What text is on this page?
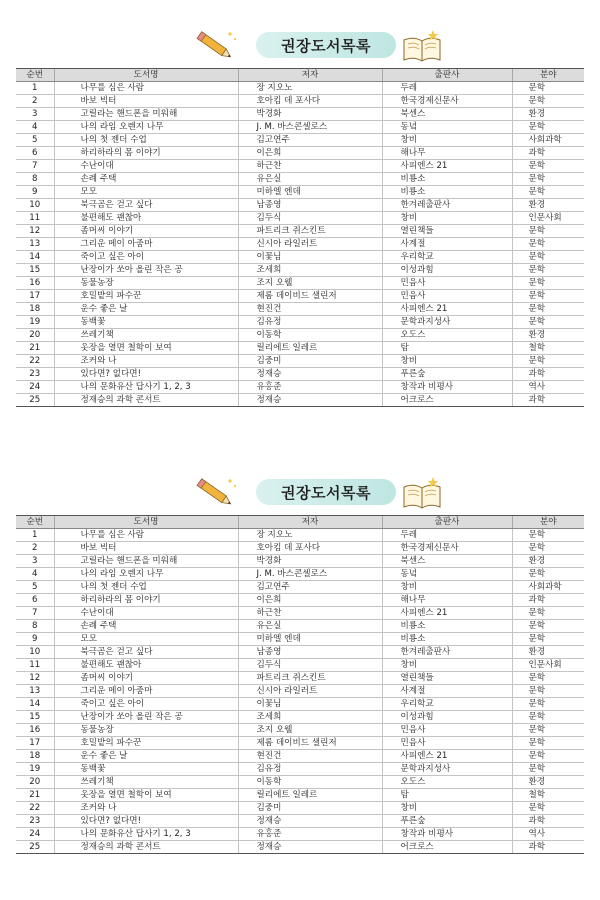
권장도서목록
순번	도서명	저자	출판사	분야
1	나무를 심은 사람	장 지오노	두레	문학
2	바보 빅터	호아킴 데 포사다	한국경제신문사	문학
3	고릴라는 핸드폰을 미워해	박경화	북센스	환경
4	나의 라임 오렌지 나무	J. M. 바스콘셀로스	동녘	문학
5	나의 첫 젠더 수업	김고연주	창비	사회과학
6	하리하라의 몸 이야기	이은희	해나무	과학
7	수난이대	하근찬	사피엔스 21	문학
8	손례 주택	유은실	비룡소	문학
9	모모	미하엘 엔데	비룡소	문학
10	북극곰은 걷고 싶다	남종영	한겨레출판사	환경
11	불편해도 괜찮아	김두식	창비	인문사회
12	좀머씨 이야기	파트리크 쥐스킨트	열린책들	문학
13	그리운 메이 아줌마	신시아 라일러트	사계절	문학
14	죽이고 싶은 아이	이꽃님	우리학교	문학
15	난장이가 쏘아 올린 작은 공	조세희	이성과힘	문학
16	동물농장	조지 오웰	민음사	문학
17	호밀밭의 파수꾼	제롬 데이비드 샐린저	민음사	문학
18	운수 좋은 날	현진건	사피엔스 21	문학
19	동백꽃	김유정	문학과지성사	문학
20	쓰레기책	이동학	오도스	환경
21	옷장을 열면 철학이 보여	릴리에트 일레르	탐	철학
22	조커와 나	김중미	창비	문학
23	있다면? 없다면!	정재승	푸른숲	과학
24	나의 문화유산 답사기 1, 2, 3	유홍준	창작과 비평사	역사
25	정재승의 과학 콘서트	정재승	어크로스	과학
권장도서목록
순번	도서명	저자	출판사	분야
1	나무를 심은 사람	장 지오노	두레	문학
2	바보 빅터	호아킴 데 포사다	한국경제신문사	문학
3	고릴라는 핸드폰을 미워해	박경화	북센스	환경
4	나의 라임 오렌지 나무	J. M. 바스콘셀로스	동녘	문학
5	나의 첫 젠더 수업	김고연주	창비	사회과학
6	하리하라의 몸 이야기	이은희	해나무	과학
7	수난이대	하근찬	사피엔스 21	문학
8	손례 주택	유은실	비룡소	문학
9	모모	미하엘 엔데	비룡소	문학
10	북극곰은 걷고 싶다	남종영	한겨레출판사	환경
11	불편해도 괜찮아	김두식	창비	인문사회
12	좀머씨 이야기	파트리크 쥐스킨트	열린책들	문학
13	그리운 메이 아줌마	신시아 라일러트	사계절	문학
14	죽이고 싶은 아이	이꽃님	우리학교	문학
15	난장이가 쏘아 올린 작은 공	조세희	이성과힘	문학
16	동물농장	조지 오웰	민음사	문학
17	호밀밭의 파수꾼	제롬 데이비드 샐린저	민음사	문학
18	운수 좋은 날	현진건	사피엔스 21	문학
19	동백꽃	김유정	문학과지성사	문학
20	쓰레기책	이동학	오도스	환경
21	옷장을 열면 철학이 보여	릴리에트 일레르	탐	철학
22	조커와 나	김중미	창비	문학
23	있다면? 없다면!	정재승	푸른숲	과학
24	나의 문화유산 답사기 1, 2, 3	유홍준	창작과 비평사	역사
25	정재승의 과학 콘서트	정재승	어크로스	과학
